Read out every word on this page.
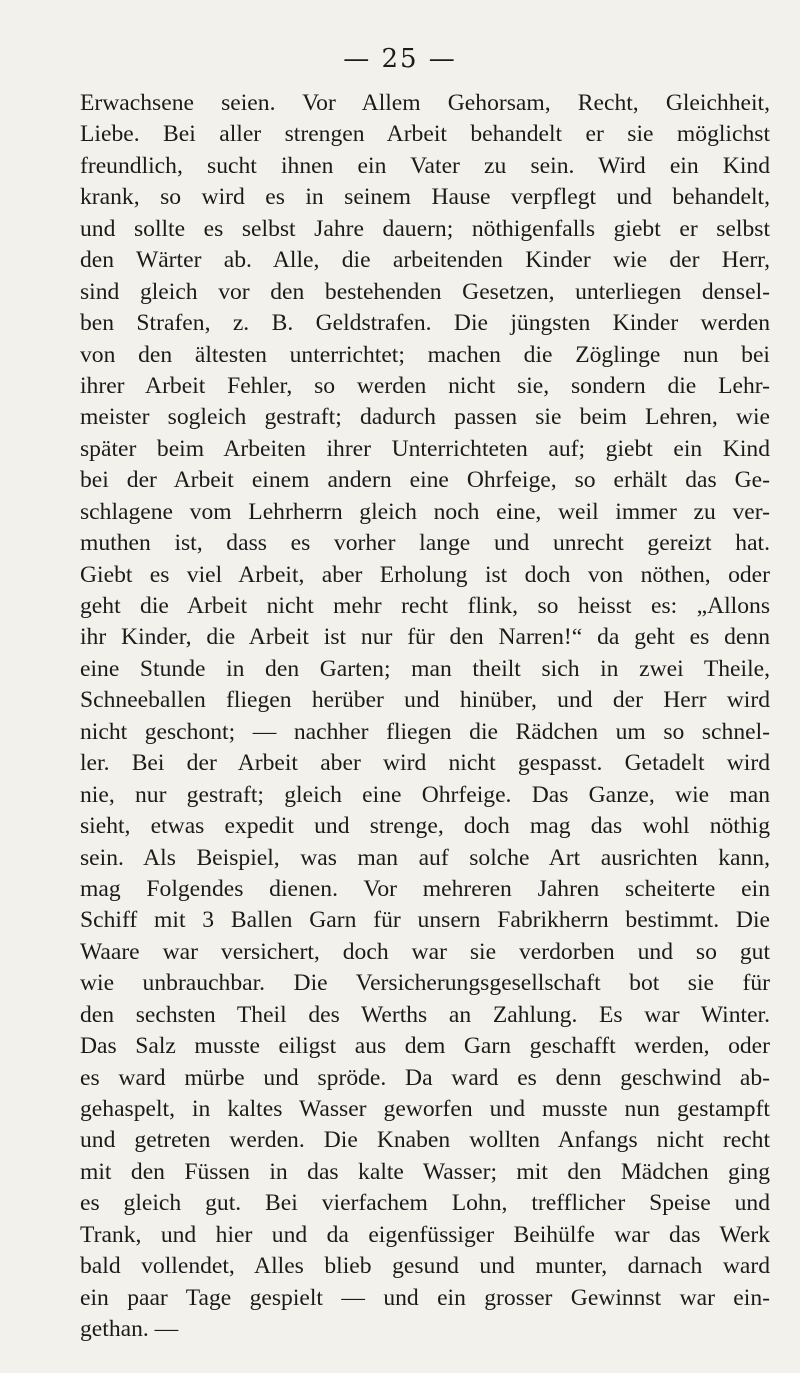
— 25 —
Erwachsene seien. Vor Allem Gehorsam, Recht, Gleichheit,
Liebe. Bei aller strengen Arbeit behandelt er sie möglichst
freundlich, sucht ihnen ein Vater zu sein. Wird ein Kind
krank, so wird es in seinem Hause verpflegt und behandelt,
und sollte es selbst Jahre dauern; nöthigenfalls giebt er selbst
den Wärter ab. Alle, die arbeitenden Kinder wie der Herr,
sind gleich vor den bestehenden Gesetzen, unterliegen densel-
ben Strafen, z. B. Geldstrafen. Die jüngsten Kinder werden
von den ältesten unterrichtet; machen die Zöglinge nun bei
ihrer Arbeit Fehler, so werden nicht sie, sondern die Lehr-
meister sogleich gestraft; dadurch passen sie beim Lehren, wie
später beim Arbeiten ihrer Unterrichteten auf; giebt ein Kind
bei der Arbeit einem andern eine Ohrfeige, so erhält das Ge-
schlagene vom Lehrherrn gleich noch eine, weil immer zu ver-
muthen ist, dass es vorher lange und unrecht gereizt hat.
Giebt es viel Arbeit, aber Erholung ist doch von nöthen, oder
geht die Arbeit nicht mehr recht flink, so heisst es: „Allons
ihr Kinder, die Arbeit ist nur für den Narren!“ da geht es denn
eine Stunde in den Garten; man theilt sich in zwei Theile,
Schneeballen fliegen herüber und hinüber, und der Herr wird
nicht geschont; — nachher fliegen die Rädchen um so schnel-
ler. Bei der Arbeit aber wird nicht gespasst. Getadelt wird
nie, nur gestraft; gleich eine Ohrfeige. Das Ganze, wie man
sieht, etwas expedit und strenge, doch mag das wohl nöthig
sein. Als Beispiel, was man auf solche Art ausrichten kann,
mag Folgendes dienen. Vor mehreren Jahren scheiterte ein
Schiff mit 3 Ballen Garn für unsern Fabrikherrn bestimmt. Die
Waare war versichert, doch war sie verdorben und so gut
wie unbrauchbar. Die Versicherungsgesellschaft bot sie für
den sechsten Theil des Werths an Zahlung. Es war Winter.
Das Salz musste eiligst aus dem Garn geschafft werden, oder
es ward mürbe und spröde. Da ward es denn geschwind ab-
gehaspelt, in kaltes Wasser geworfen und musste nun gestampft
und getreten werden. Die Knaben wollten Anfangs nicht recht
mit den Füssen in das kalte Wasser; mit den Mädchen ging
es gleich gut. Bei vierfachem Lohn, trefflicher Speise und
Trank, und hier und da eigenfüssiger Beihülfe war das Werk
bald vollendet, Alles blieb gesund und munter, darnach ward
ein paar Tage gespielt — und ein grosser Gewinnst war ein-
gethan. —
